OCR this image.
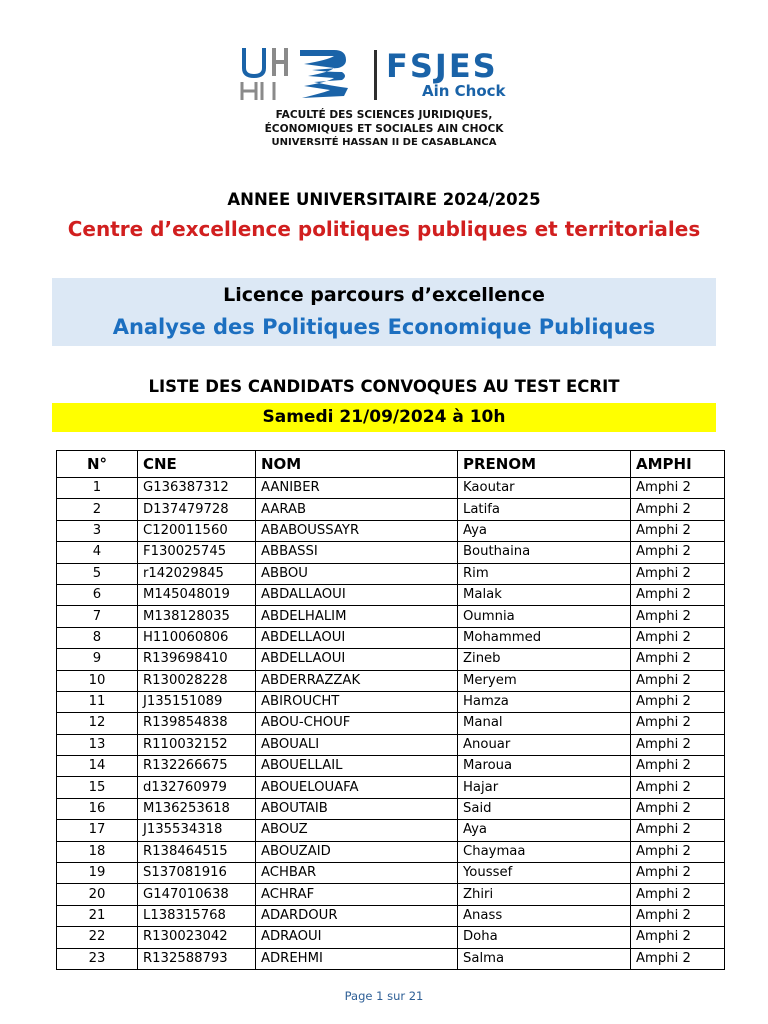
FSJES
Ain Chock
FACULTÉ DES SCIENCES JURIDIQUES,
ÉCONOMIQUES ET SOCIALES AIN CHOCK
UNIVERSITÉ HASSAN II DE CASABLANCA
ANNEE UNIVERSITAIRE 2024/2025
Centre d’excellence politiques publiques et territoriales
Licence parcours d’excellence
Analyse des Politiques Economique Publiques
LISTE DES CANDIDATS CONVOQUES AU TEST ECRIT
Samedi 21/09/2024 à 10h
N°	CNE	NOM	PRENOM	AMPHI
1	G136387312	AANIBER	Kaoutar	Amphi 2
2	D137479728	AARAB	Latifa	Amphi 2
3	C120011560	ABABOUSSAYR	Aya	Amphi 2
4	F130025745	ABBASSI	Bouthaina	Amphi 2
5	r142029845	ABBOU	Rim	Amphi 2
6	M145048019	ABDALLAOUI	Malak	Amphi 2
7	M138128035	ABDELHALIM	Oumnia	Amphi 2
8	H110060806	ABDELLAOUI	Mohammed	Amphi 2
9	R139698410	ABDELLAOUI	Zineb	Amphi 2
10	R130028228	ABDERRAZZAK	Meryem	Amphi 2
11	J135151089	ABIROUCHT	Hamza	Amphi 2
12	R139854838	ABOU-CHOUF	Manal	Amphi 2
13	R110032152	ABOUALI	Anouar	Amphi 2
14	R132266675	ABOUELLAIL	Maroua	Amphi 2
15	d132760979	ABOUELOUAFA	Hajar	Amphi 2
16	M136253618	ABOUTAIB	Said	Amphi 2
17	J135534318	ABOUZ	Aya	Amphi 2
18	R138464515	ABOUZAID	Chaymaa	Amphi 2
19	S137081916	ACHBAR	Youssef	Amphi 2
20	G147010638	ACHRAF	Zhiri	Amphi 2
21	L138315768	ADARDOUR	Anass	Amphi 2
22	R130023042	ADRAOUI	Doha	Amphi 2
23	R132588793	ADREHMI	Salma	Amphi 2
Page 1 sur 21
